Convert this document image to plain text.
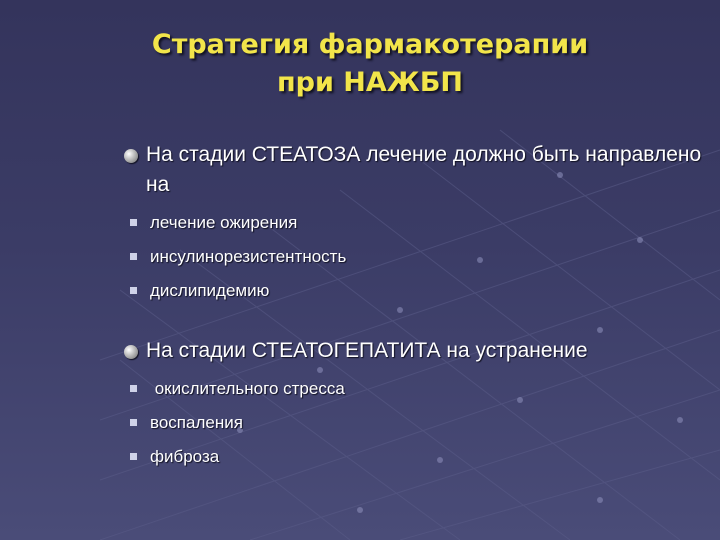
Стратегия фармакотерапии
при НАЖБП
На стадии СТЕАТОЗА лечение должно быть направлено на
лечение ожирения
инсулинорезистентность
дислипидемию
На стадии СТЕАТОГЕПАТИТА на устранение
окислительного стресса
воспаления
фиброза
